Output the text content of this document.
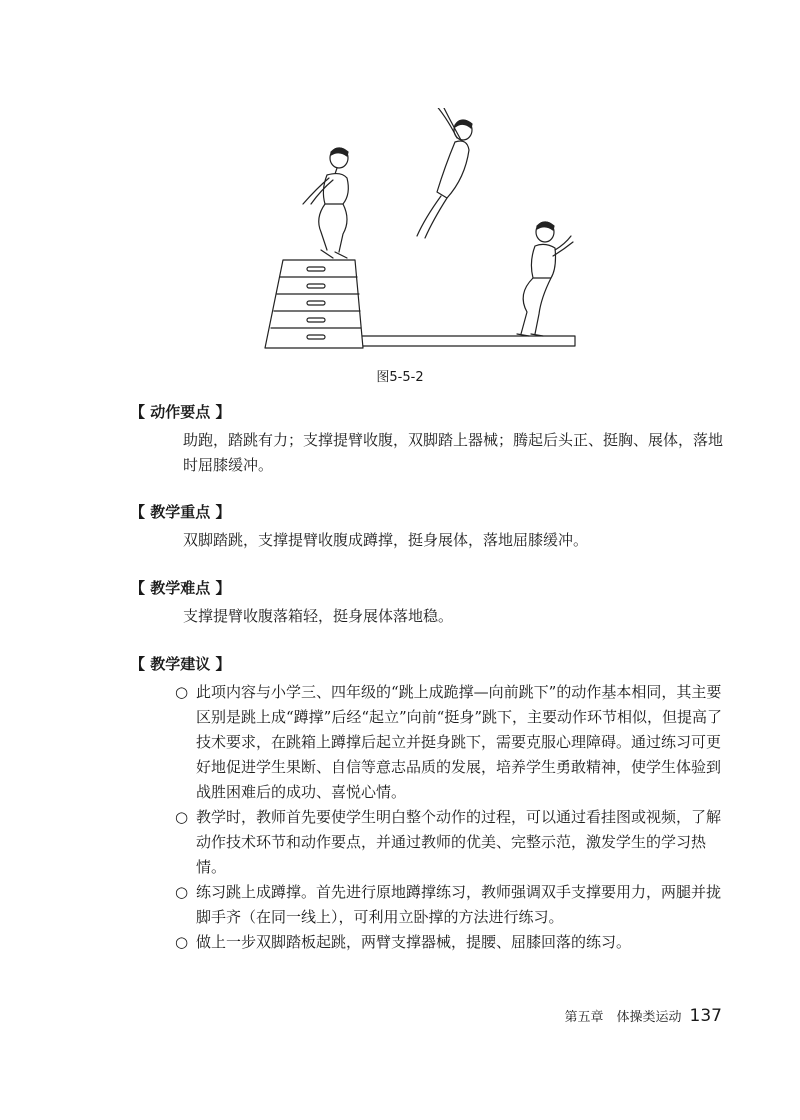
图5-5-2
【 动作要点 】
助跑，踏跳有力；支撑提臂收腹，双脚踏上器械；腾起后头正、挺胸、展体，落地时屈膝缓冲。
【 教学重点 】
双脚踏跳，支撑提臂收腹成蹲撑，挺身展体，落地屈膝缓冲。
【 教学难点 】
支撑提臂收腹落箱轻，挺身展体落地稳。
【 教学建议 】
○ 此项内容与小学三、四年级的“跳上成跪撑—向前跳下”的动作基本相同，其主要区别是跳上成“蹲撑”后经“起立”向前“挺身”跳下，主要动作环节相似，但提高了技术要求，在跳箱上蹲撑后起立并挺身跳下，需要克服心理障碍。通过练习可更好地促进学生果断、自信等意志品质的发展，培养学生勇敢精神，使学生体验到战胜困难后的成功、喜悦心情。
○ 教学时，教师首先要使学生明白整个动作的过程，可以通过看挂图或视频，了解动作技术环节和动作要点，并通过教师的优美、完整示范，激发学生的学习热情。
○ 练习跳上成蹲撑。首先进行原地蹲撑练习，教师强调双手支撑要用力，两腿并拢脚手齐（在同一线上），可利用立卧撑的方法进行练习。
○ 做上一步双脚踏板起跳，两臂支撑器械，提腰、屈膝回落的练习。
第五章　体操类运动 137
